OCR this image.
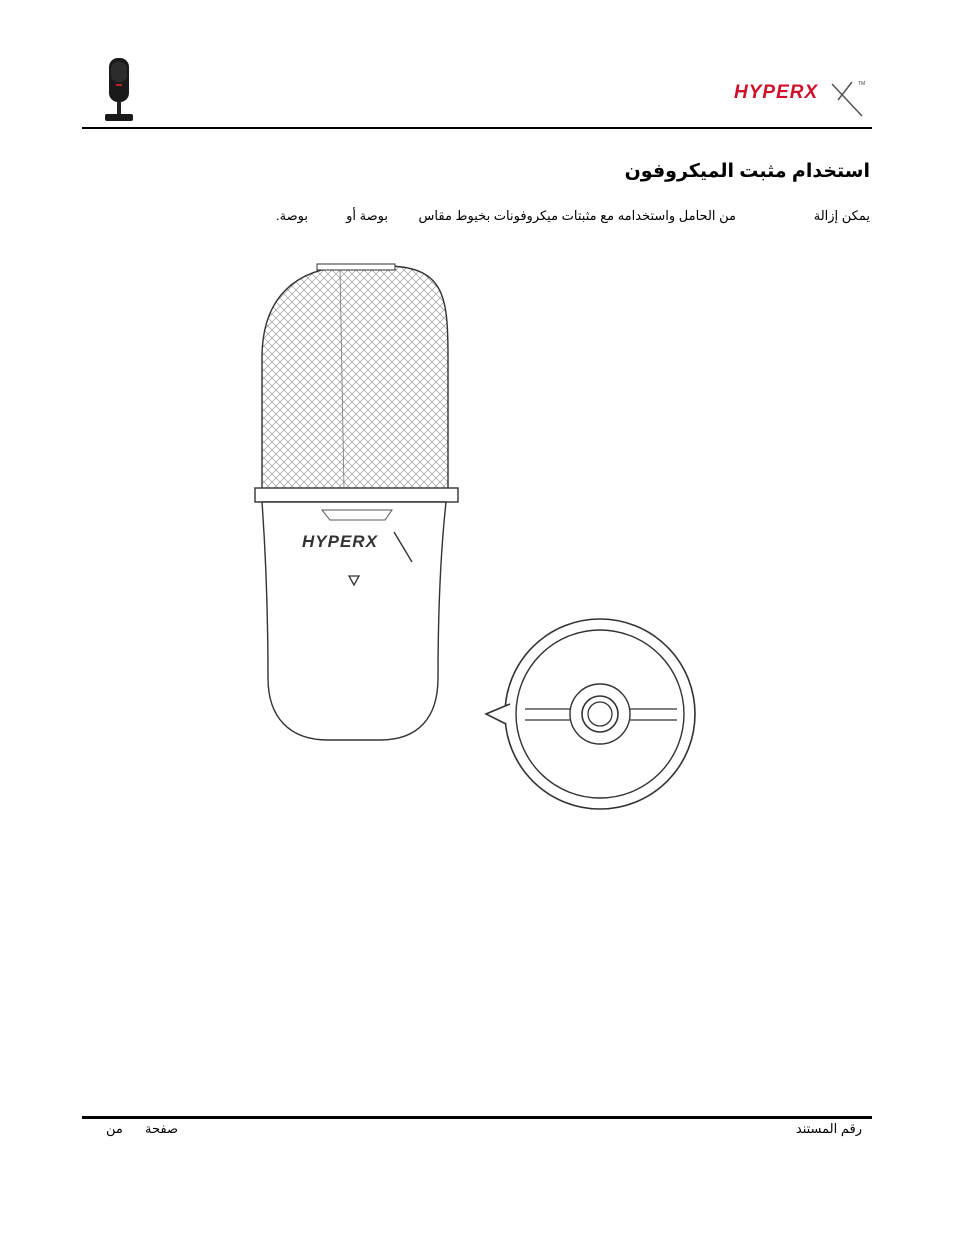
HYPERX	TM
استخدام مثبت الميكروفون
يمكن إزالة
من الحامل واستخدامه مع مثبتات ميكروفونات بخيوط مقاس
بوصة أو
بوصة.
HYPERX
رقم المستند
صفحة
من
